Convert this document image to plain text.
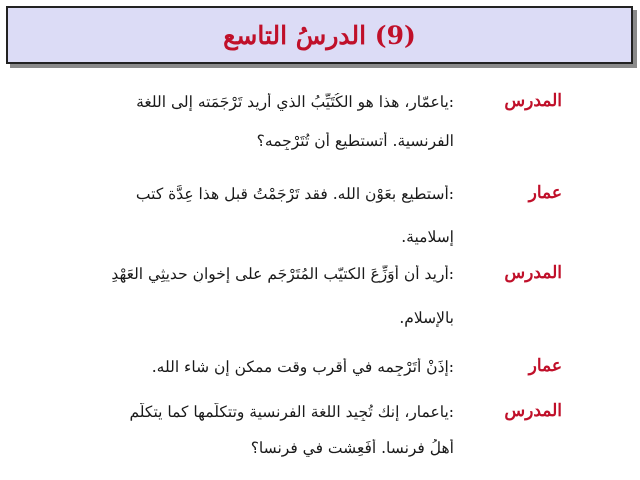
(9) الدرسُ التاسع
المدرس
:ياعمّار، هذا هو الكُتَيِّبُ الذي أريد تَرْجَمَته إلى اللغة
الفرنسية. أتستطيع أن تُتَرْجِمه؟
عمار
:أستطيع بعَوْنِ الله. فقد تَرْجَمْتُ قبل هذا عِدَّة كتب
إسلامية.
المدرس
:أريد أن أُوَزِّعَ الكتيّب المُتَرْجَم على إخوانٍ حديثِي العَهْدِ
بالإسلام.
عمار
:إذَنْ أُتَرْجِمه في أقرب وقت ممكن إن شاء الله.
المدرس
:ياعمار، إنك تُجِيد اللغة الفرنسية وتتكلّمها كما يتكلّم
أهلُ فرنسا. أَفَعِشت في فرنسا؟
